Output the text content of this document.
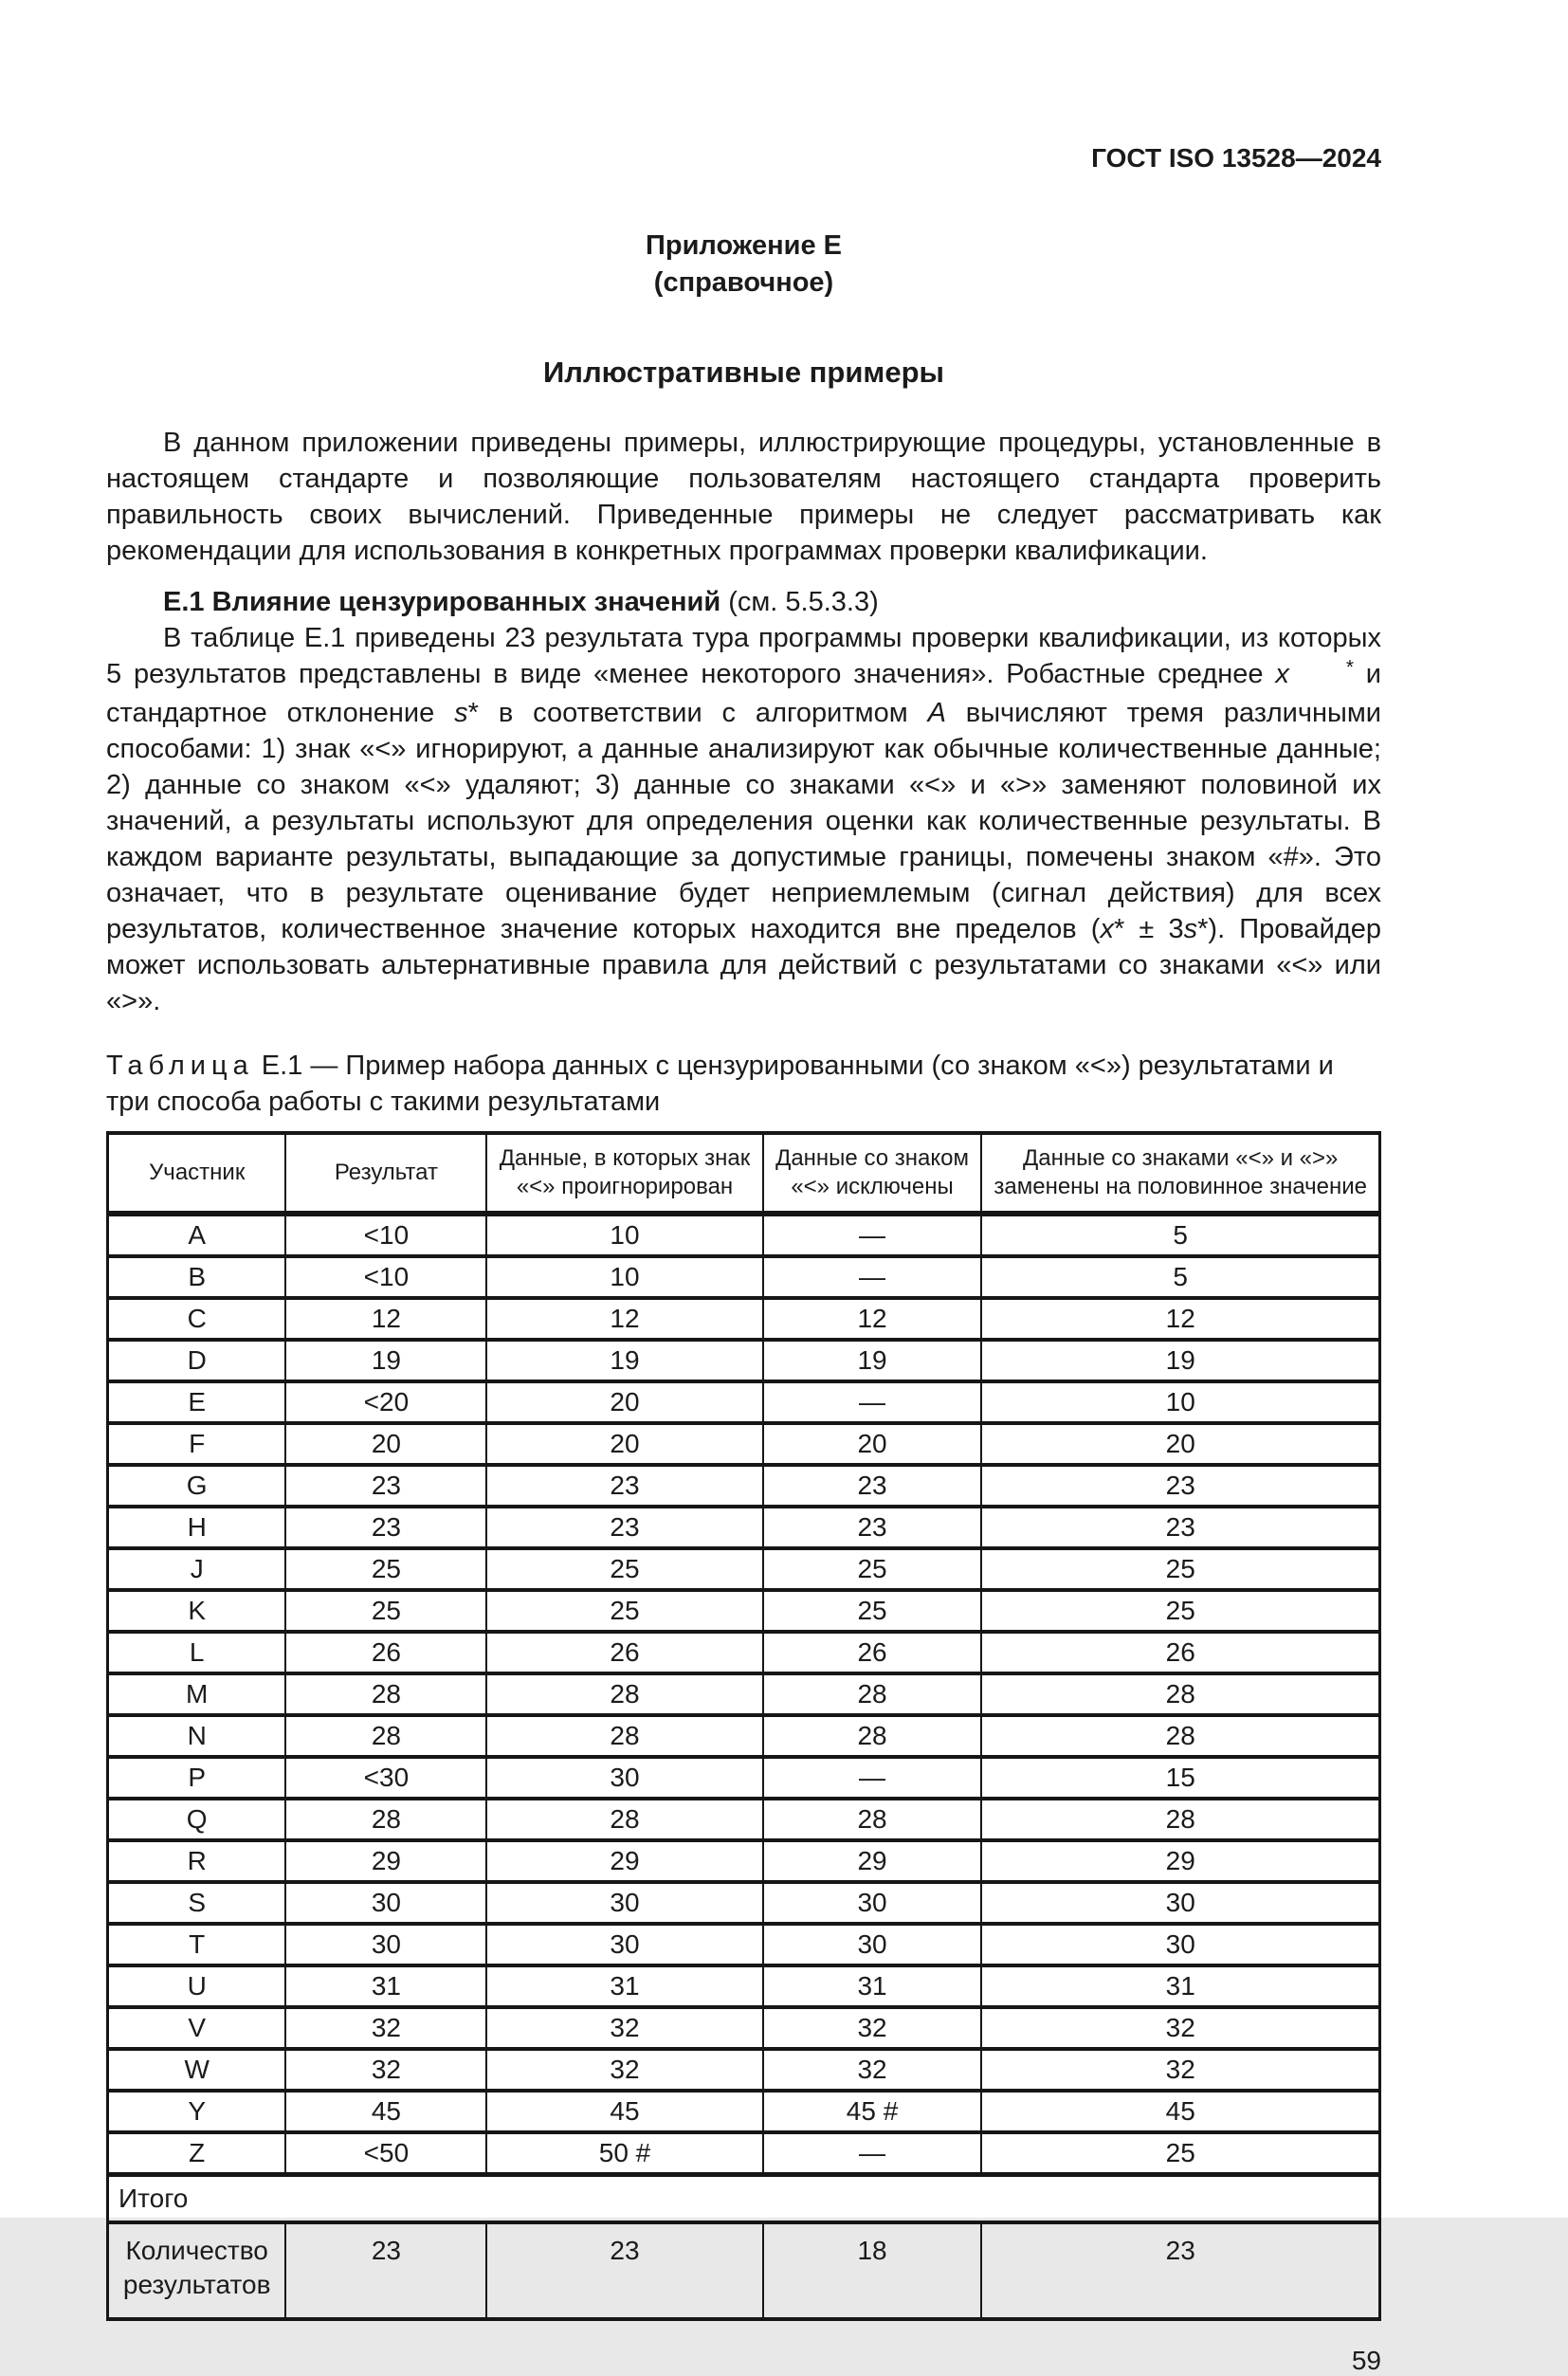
ГОСТ ISO 13528—2024
Приложение Е
(справочное)
Иллюстративные примеры

В данном приложении приведены примеры, иллюстрирующие процедуры, установленные в настоящем стандарте и позволяющие пользователям настоящего стандарта проверить правильность своих вычислений. Приведенные примеры не следует рассматривать как рекомендации для использования в конкретных программах проверки квалификации.

Е.1 Влияние цензурированных значений (см. 5.5.3.3)

В таблице Е.1 приведены 23 результата тура программы проверки квалификации, из которых 5 результатов представлены в виде «менее некоторого значения». Робастные среднее x	* и стандартное отклонение s* в соответствии с алгоритмом А вычисляют тремя различными способами: 1) знак «<» игнорируют, а данные анализируют как обычные количественные данные; 2) данные со знаком «<» удаляют; 3) данные со знаками «<» и «>» заменяют половиной их значений, а результаты используют для определения оценки как количественные результаты. В каждом варианте результаты, выпадающие за допустимые границы, помечены знаком «#». Это означает, что в результате оценивание будет неприемлемым (сигнал действия) для всех результатов, количественное значение которых находится вне пределов (x* ± 3s*). Провайдер может использовать альтернативные правила для действий с результатами со знаками «<» или «>».

Таблица Е.1 — Пример набора данных с цензурированными (со знаком «<») результатами и три способа работы с такими результатами

Участник	Результат	Данные, в которых знак «<» проигнорирован	Данные со знаком «<» исключены	Данные со знаками «<» и «>» заменены на половинное значение
A	<10	10	—	5
B	<10	10	—	5
C	12	12	12	12
D	19	19	19	19
E	<20	20	—	10
F	20	20	20	20
G	23	23	23	23
H	23	23	23	23
J	25	25	25	25
K	25	25	25	25
L	26	26	26	26
M	28	28	28	28
N	28	28	28	28
P	<30	30	—	15
Q	28	28	28	28
R	29	29	29	29
S	30	30	30	30
T	30	30	30	30
U	31	31	31	31
V	32	32	32	32
W	32	32	32	32
Y	45	45	45 #	45
Z	<50	50 #	—	25
Итого				
Количество результатов	23	23	18	23
59
